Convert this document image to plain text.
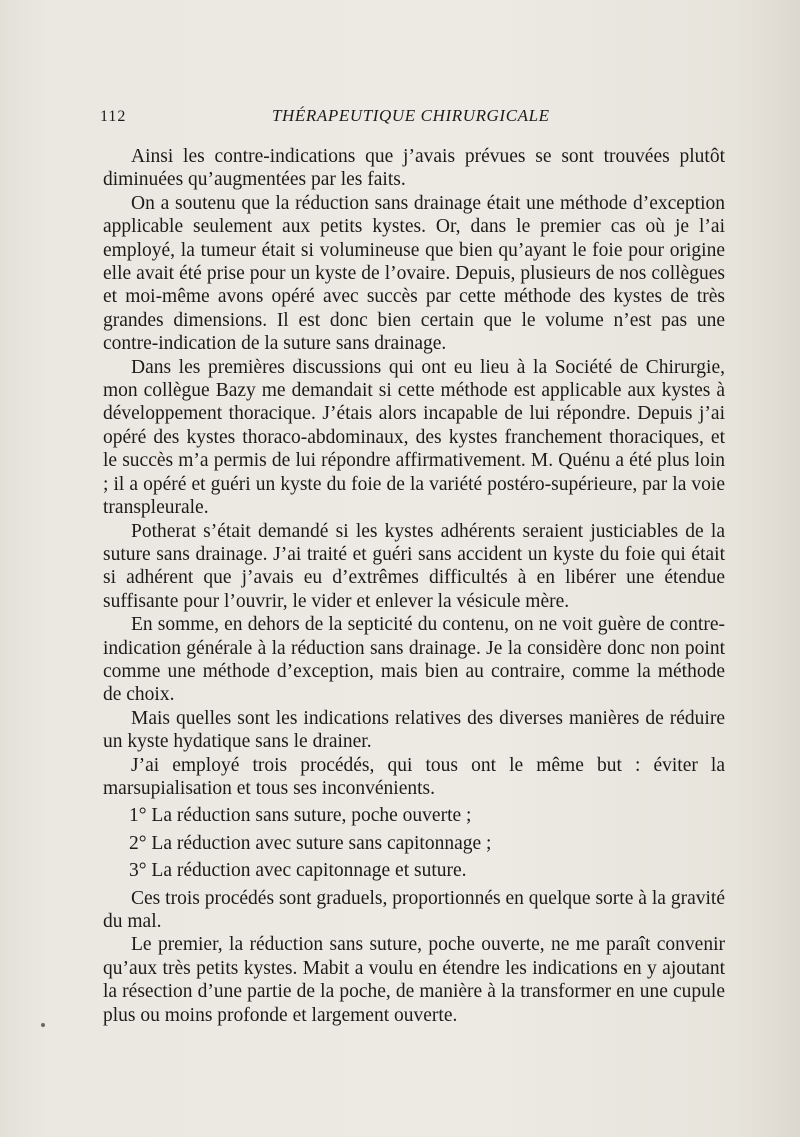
112	THÉRAPEUTIQUE CHIRURGICALE

Ainsi les contre-indications que j’avais prévues se sont trouvées plutôt diminuées qu’augmentées par les faits.

On a soutenu que la réduction sans drainage était une méthode d’exception applicable seulement aux petits kystes. Or, dans le premier cas où je l’ai employé, la tumeur était si volumineuse que bien qu’ayant le foie pour origine elle avait été prise pour un kyste de l’ovaire. Depuis, plusieurs de nos collègues et moi-même avons opéré avec succès par cette méthode des kystes de très grandes dimensions. Il est donc bien certain que le volume n’est pas une contre-indication de la suture sans drainage.

Dans les premières discussions qui ont eu lieu à la Société de Chirurgie, mon collègue Bazy me demandait si cette méthode est applicable aux kystes à développement thoracique. J’étais alors incapable de lui répondre. Depuis j’ai opéré des kystes thoraco-abdominaux, des kystes franchement thoraciques, et le succès m’a permis de lui répondre affirmativement. M. Quénu a été plus loin ; il a opéré et guéri un kyste du foie de la variété postéro-supérieure, par la voie transpleurale.

Potherat s’était demandé si les kystes adhérents seraient justiciables de la suture sans drainage. J’ai traité et guéri sans accident un kyste du foie qui était si adhérent que j’avais eu d’extrêmes difficultés à en libérer une étendue suffisante pour l’ouvrir, le vider et enlever la vésicule mère.

En somme, en dehors de la septicité du contenu, on ne voit guère de contre-indication générale à la réduction sans drainage. Je la considère donc non point comme une méthode d’exception, mais bien au contraire, comme la méthode de choix.

Mais quelles sont les indications relatives des diverses manières de réduire un kyste hydatique sans le drainer.

J’ai employé trois procédés, qui tous ont le même but : éviter la marsupialisation et tous ses inconvénients.

1° La réduction sans suture, poche ouverte ;

2° La réduction avec suture sans capitonnage ;

3° La réduction avec capitonnage et suture.

Ces trois procédés sont graduels, proportionnés en quelque sorte à la gravité du mal.

Le premier, la réduction sans suture, poche ouverte, ne me paraît convenir qu’aux très petits kystes. Mabit a voulu en étendre les indications en y ajoutant la résection d’une partie de la poche, de manière à la transformer en une cupule plus ou moins profonde et largement ouverte.
